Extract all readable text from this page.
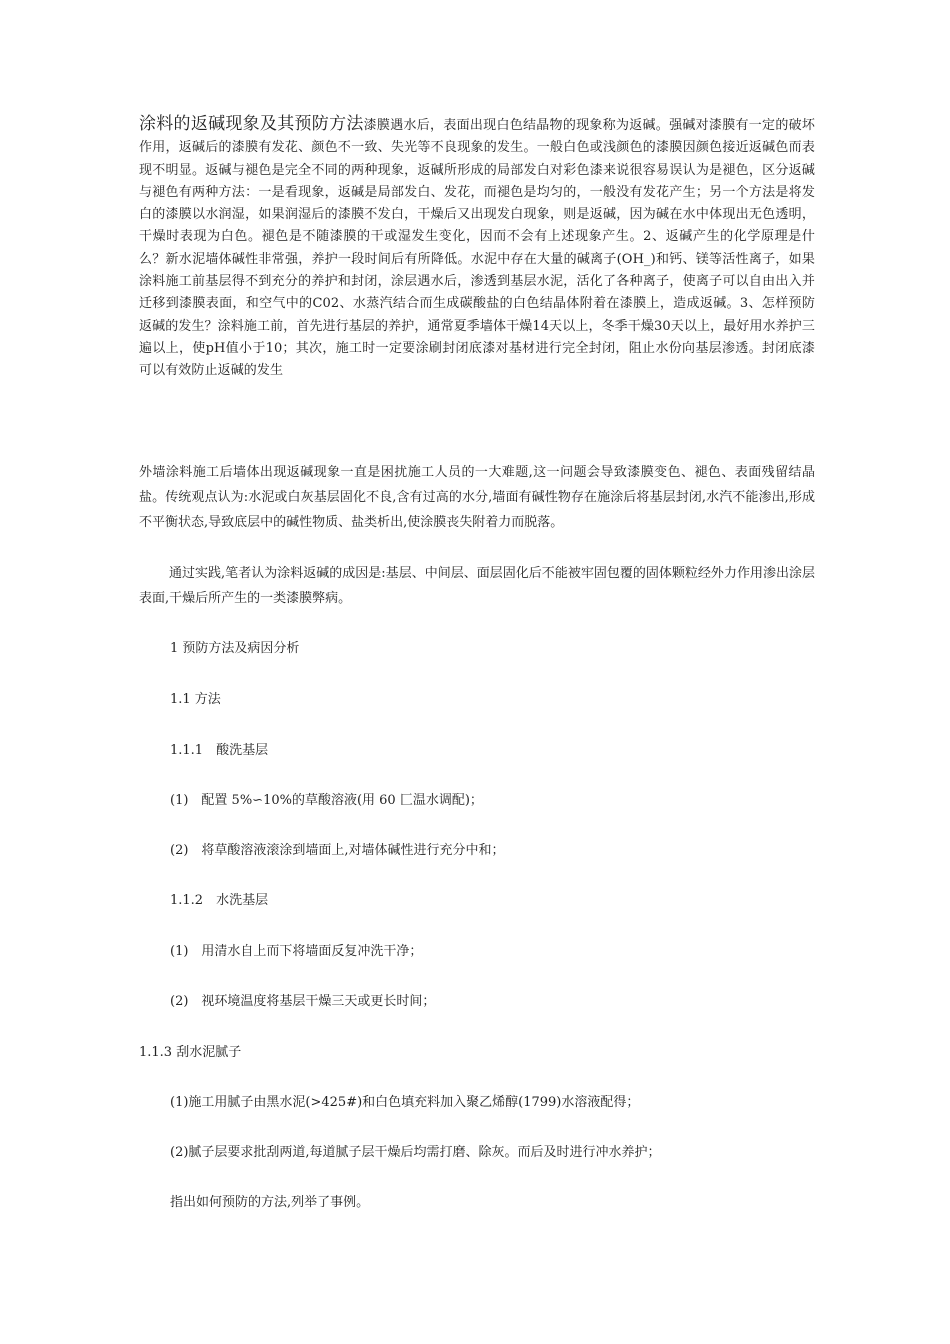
涂料的返碱现象及其预防方法漆膜遇水后，表面出现白色结晶物的现象称为返碱。强碱对漆膜有一定的破坏作用，返碱后的漆膜有发花、颜色不一致、失光等不良现象的发生。一般白色或浅颜色的漆膜因颜色接近返碱色而表现不明显。返碱与褪色是完全不同的两种现象，返碱所形成的局部发白对彩色漆来说很容易误认为是褪色，区分返碱与褪色有两种方法：一是看现象，返碱是局部发白、发花，而褪色是均匀的，一般没有发花产生；另一个方法是将发白的漆膜以水润湿，如果润湿后的漆膜不发白，干燥后又出现发白现象，则是返碱，因为碱在水中体现出无色透明，干燥时表现为白色。褪色是不随漆膜的干或湿发生变化，因而不会有上述现象产生。2、返碱产生的化学原理是什么？新水泥墙体碱性非常强，养护一段时间后有所降低。水泥中存在大量的碱离子(OH_)和钙、镁等活性离子，如果涂料施工前基层得不到充分的养护和封闭，涂层遇水后，渗透到基层水泥，活化了各种离子，使离子可以自由出入并迁移到漆膜表面，和空气中的C02、水蒸汽结合而生成碳酸盐的白色结晶体附着在漆膜上，造成返碱。3、怎样预防返碱的发生？涂料施工前，首先进行基层的养护，通常夏季墙体干燥14天以上，冬季干燥30天以上，最好用水养护三遍以上，使pH值小于10；其次，施工时一定要涂刷封闭底漆对基材进行完全封闭，阻止水份向基层渗透。封闭底漆可以有效防止返碱的发生
外墙涂料施工后墙体出现返碱现象一直是困扰施工人员的一大难题,这一问题会导致漆膜变色、褪色、表面残留结晶盐。传统观点认为:水泥或白灰基层固化不良,含有过高的水分,墙面有碱性物存在施涂后将基层封闭,水汽不能渗出,形成不平衡状态,导致底层中的碱性物质、盐类析出,使涂膜丧失附着力而脱落。
通过实践,笔者认为涂料返碱的成因是:基层、中间层、面层固化后不能被牢固包覆的固体颗粒经外力作用渗出涂层表面,干燥后所产生的一类漆膜弊病。
1 预防方法及病因分析
1.1 方法
1.1.1　酸洗基层
(1)　配置 5%∽10%的草酸溶液(用 60 匚温水调配)；
(2)　将草酸溶液滚涂到墙面上,对墙体碱性进行充分中和；
1.1.2　水洗基层
(1)　用清水自上而下将墙面反复冲洗干净；
(2)　视环境温度将基层干燥三天或更长时间；
1.1.3 刮水泥腻子
(1)施工用腻子由黑水泥(>425#)和白色填充料加入聚乙烯醇(1799)水溶液配得；
(2)腻子层要求批刮两道,每道腻子层干燥后均需打磨、除灰。而后及时进行冲水养护；
指出如何预防的方法,列举了事例。
